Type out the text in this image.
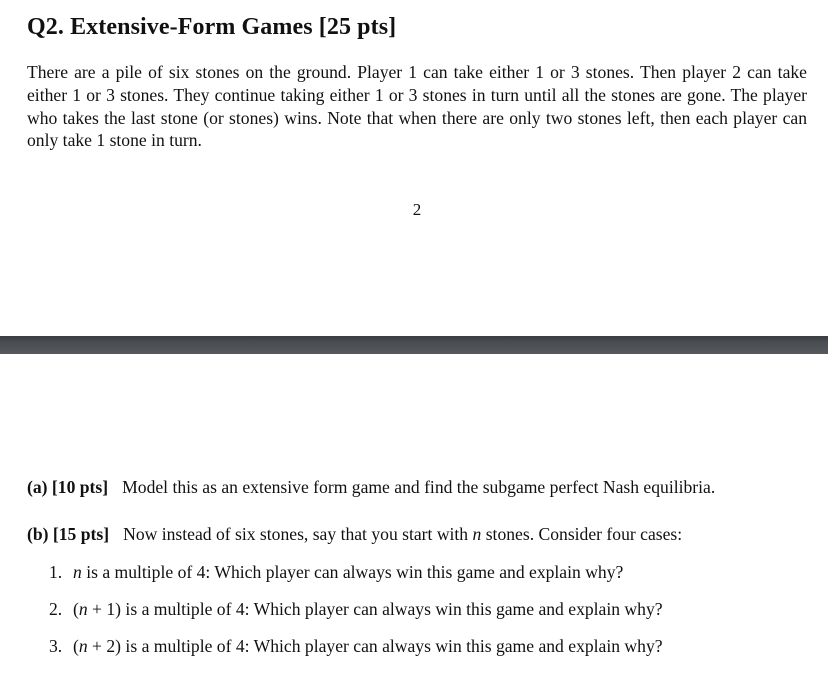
Q2. Extensive-Form Games [25 pts]

There are a pile of six stones on the ground. Player 1 can take either 1 or 3 stones. Then player 2 can take either 1 or 3 stones. They continue taking either 1 or 3 stones in turn until all the stones are gone. The player who takes the last stone (or stones) wins. Note that when there are only two stones left, then each player can only take 1 stone in turn.

2
(a) [10 pts] Model this as an extensive form game and find the subgame perfect Nash equilibria.
(b) [15 pts] Now instead of six stones, say that you start with n stones. Consider four cases:
1. n is a multiple of 4: Which player can always win this game and explain why?
2. (n + 1) is a multiple of 4: Which player can always win this game and explain why?
3. (n + 2) is a multiple of 4: Which player can always win this game and explain why?
